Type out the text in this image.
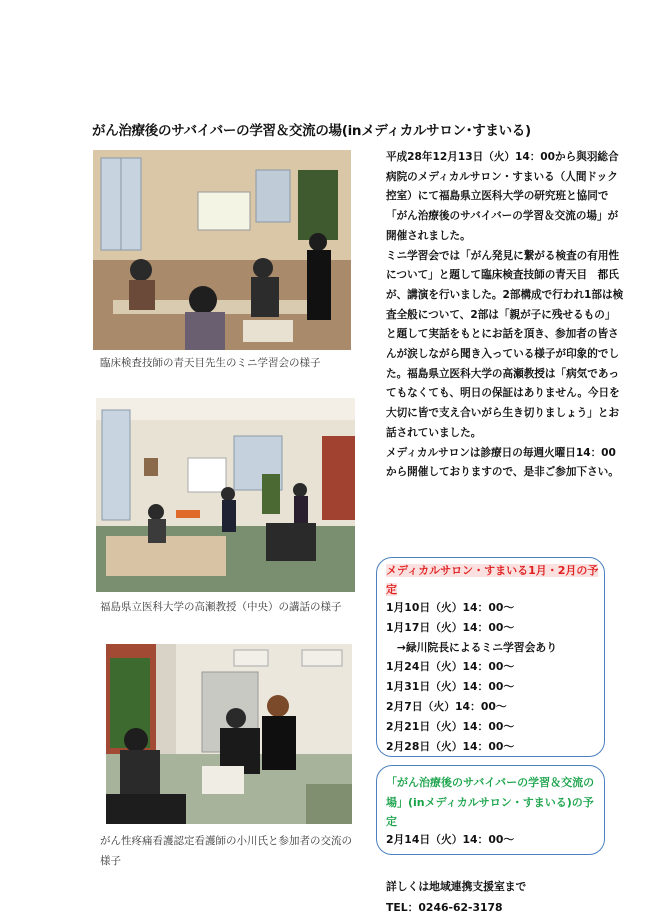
がん治療後のサバイバーの学習＆交流の場(inメディカルサロン･すまいる)
臨床検査技師の青天目先生のミニ学習会の様子
福島県立医科大学の高瀬教授（中央）の講話の様子
がん性疼痛看護認定看護師の小川氏と参加者の交流の様子

平成28年12月13日（火）14：00から與羽総合病院のメディカルサロン・すまいる（人間ドック控室）にて福島県立医科大学の研究班と協同で「がん治療後のサバイバーの学習＆交流の場」が開催されました。

ミニ学習会では「がん発見に繋がる検査の有用性について」と題して臨床検査技師の青天目　都氏が、講演を行いました。2部構成で行われ1部は検査全般について、2部は「親が子に残せるもの」と題して実話をもとにお話を頂き、参加者の皆さんが涙しながら聞き入っている様子が印象的でした。福島県立医科大学の高瀬教授は「病気であってもなくても、明日の保証はありません。今日を大切に皆で支え合いがら生き切りましょう」とお話されていました。

メディカルサロンは診療日の毎週火曜日14：00から開催しておりますので、是非ご参加下さい。

メディカルサロン・すまいる1月・2月の予定
1月10日（火）14：00～
1月17日（火）14：00～
　→緑川院長によるミニ学習会あり
1月24日（火）14：00～
1月31日（火）14：00～
2月7日（火）14：00～
2月21日（火）14：00～
2月28日（火）14：00～
「がん治療後のサバイバーの学習＆交流の場」(inメディカルサロン・すまいる)の予定
2月14日（火）14：00～
詳しくは地域連携支援室まで
TEL：0246-62-3178
